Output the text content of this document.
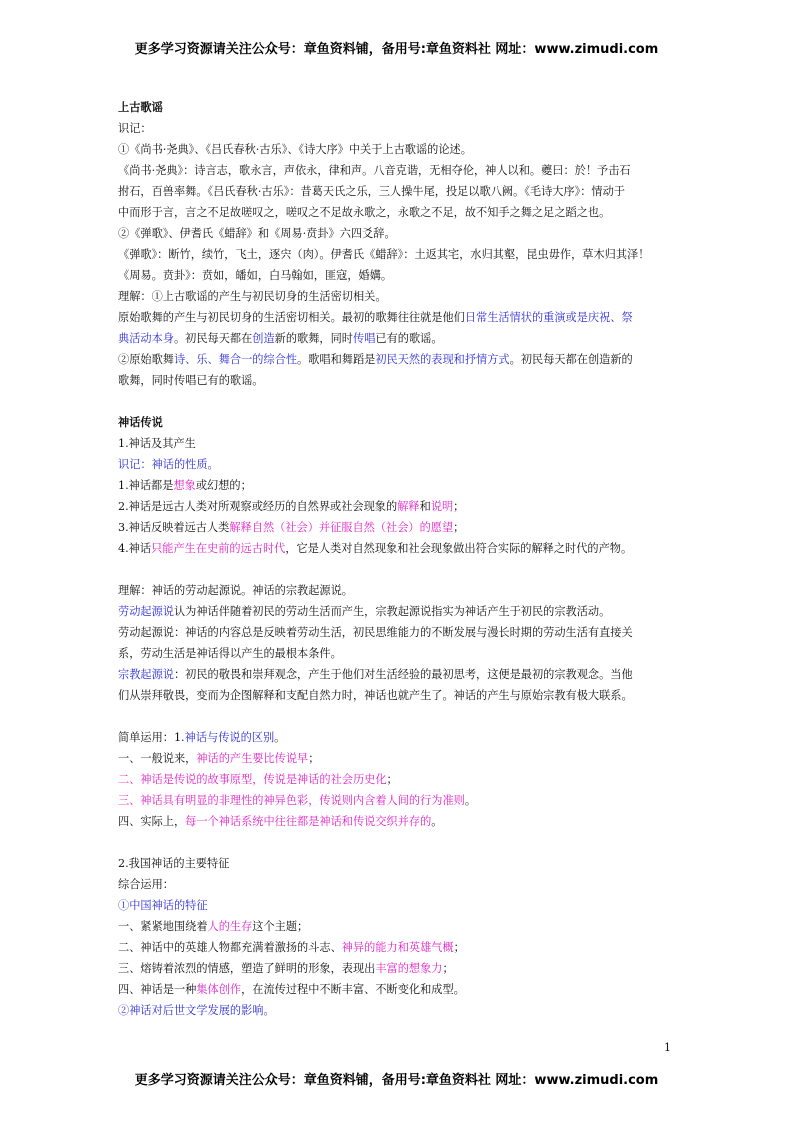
更多学习资源请关注公众号：章鱼资料铺，备用号:章鱼资料社 网址：www.zimudi.com

上古歌谣

识记：

①《尚书·尧典》、《吕氏春秋·古乐》、《诗大序》中关于上古歌谣的论述。

《尚书·尧典》：诗言志，歌永言，声依永，律和声。八音克谐，无相夺伦，神人以和。夔曰：於！予击石

拊石，百兽率舞。《吕氏春秋·古乐》：昔葛天氏之乐，三人操牛尾，投足以歌八阙。《毛诗大序》：情动于

中而形于言，言之不足故嗟叹之，嗟叹之不足故永歌之，永歌之不足，故不知手之舞之足之蹈之也。

②《弹歌》、伊耆氏《蜡辞》和《周易·贲卦》六四爻辞。

《弹歌》：断竹，续竹，飞土，逐宍（肉）。伊耆氏《蜡辞》：土返其宅，水归其壑，昆虫毋作，草木归其泽！

《周易。贲卦》：贲如，皤如，白马翰如，匪寇，婚媾。

理解：①上古歌谣的产生与初民切身的生活密切相关。

原始歌舞的产生与初民切身的生活密切相关。最初的歌舞往往就是他们日常生活情状的重演或是庆祝、祭

典活动本身。初民每天都在创造新的歌舞，同时传唱已有的歌谣。

②原始歌舞诗、乐、舞合一的综合性。歌唱和舞蹈是初民天然的表现和抒情方式。初民每天都在创造新的

歌舞，同时传唱已有的歌谣。

神话传说

1.神话及其产生

识记：神话的性质。

1.神话都是想象或幻想的；

2.神话是远古人类对所观察或经历的自然界或社会现象的解释和说明；

3.神话反映着远古人类解释自然（社会）并征服自然（社会）的愿望；

4.神话只能产生在史前的远古时代，它是人类对自然现象和社会现象做出符合实际的解释之时代的产物。

理解：神话的劳动起源说。神话的宗教起源说。

劳动起源说认为神话伴随着初民的劳动生活而产生，宗教起源说指实为神话产生于初民的宗教活动。

劳动起源说：神话的内容总是反映着劳动生活，初民思维能力的不断发展与漫长时期的劳动生活有直接关

系，劳动生活是神话得以产生的最根本条件。

宗教起源说：初民的敬畏和崇拜观念，产生于他们对生活经验的最初思考，这便是最初的宗教观念。当他

们从崇拜敬畏，变而为企图解释和支配自然力时，神话也就产生了。神话的产生与原始宗教有极大联系。

简单运用：1.神话与传说的区别。

一、一般说来，神话的产生要比传说早；

二、神话是传说的故事原型，传说是神话的社会历史化；

三、神话具有明显的非理性的神异色彩，传说则内含着人间的行为准则。

四、实际上，每一个神话系统中往往都是神话和传说交织并存的。

2.我国神话的主要特征

综合运用：

①中国神话的特征

一、紧紧地围绕着人的生存这个主题；

二、神话中的英雄人物都充满着激扬的斗志、神异的能力和英雄气概；

三、熔铸着浓烈的情感，塑造了鲜明的形象，表现出丰富的想象力；

四、神话是一种集体创作，在流传过程中不断丰富、不断变化和成型。

②神话对后世文学发展的影响。

1
更多学习资源请关注公众号：章鱼资料铺，备用号:章鱼资料社 网址：www.zimudi.com
